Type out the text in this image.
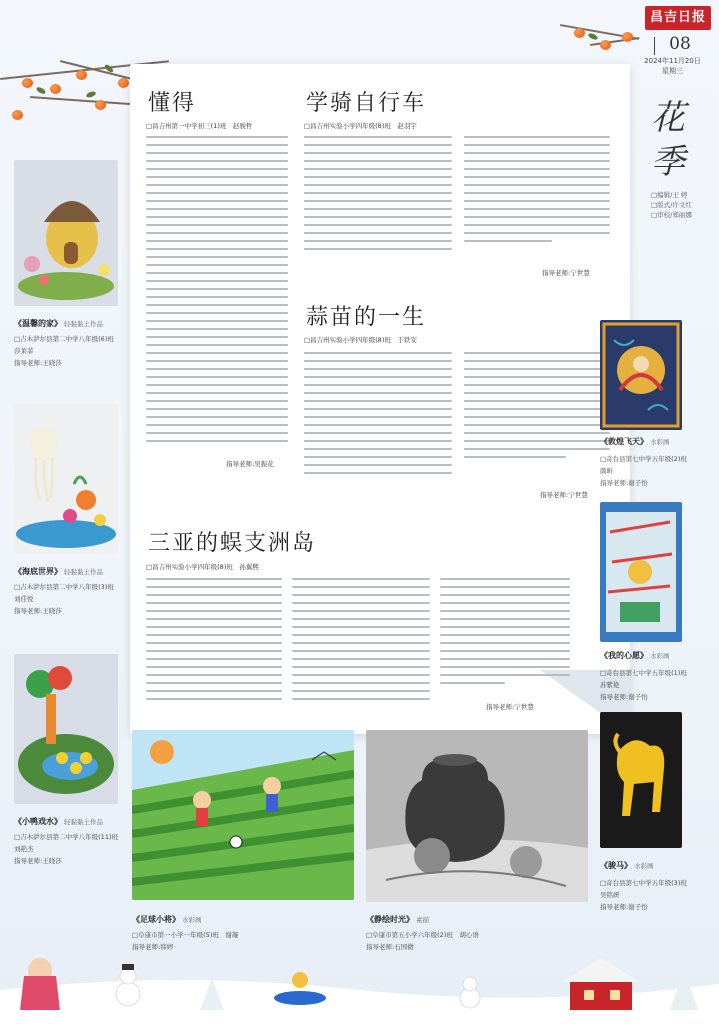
昌吉日报
08
2024年11月20日
星期三
花季
□编辑/王 婷
□版式/许文红
□审校/郑丽娜
懂得
□昌吉州第一中学初三(1)班　赵骏哲
指导老师:吴振花
学骑自行车
□昌吉州实验小学四年级(8)班　赵羽宇
指导老师:宁世慧
蒜苗的一生
□昌吉州实验小学四年级(8)班　于铁安
指导老师:宁世慧
三亚的蜈支洲岛
□昌吉州实验小学四年级(8)班　孙翼熙
指导老师:宁世慧
《温馨的家》 轻黏黏土作品
□吉木萨尔县第二中学八年级(6)班
莎莱菲
指导老师:王晓莎
《海底世界》 轻黏黏土作品
□吉木萨尔县第二中学八年级(3)班
刘佳悦
指导老师:王晓莎
《小鸭戏水》 轻黏黏土作品
□吉木萨尔县第二中学八年级(11)班
刘艳杰
指导老师:王晓莎
《敦煌飞天》 水彩画
□奇台县第七中学五年级(2)班
颜昕
指导老师:谢子怡
《我的心愿》 水彩画
□奇台县第七中学五年级(1)班
苏紫艳
指导老师:谢子怡
《骏马》 水彩画
□奇台县第七中学五年级(3)班
吴铭妍
指导老师:谢子怡
《足球小将》 水彩画
□阜康市第一小学一年级(5)班　谢凝
指导老师:韩婷
《静绘时光》 素描
□阜康市第五小学六年级(2)班　胡心语
指导老师:石国微
